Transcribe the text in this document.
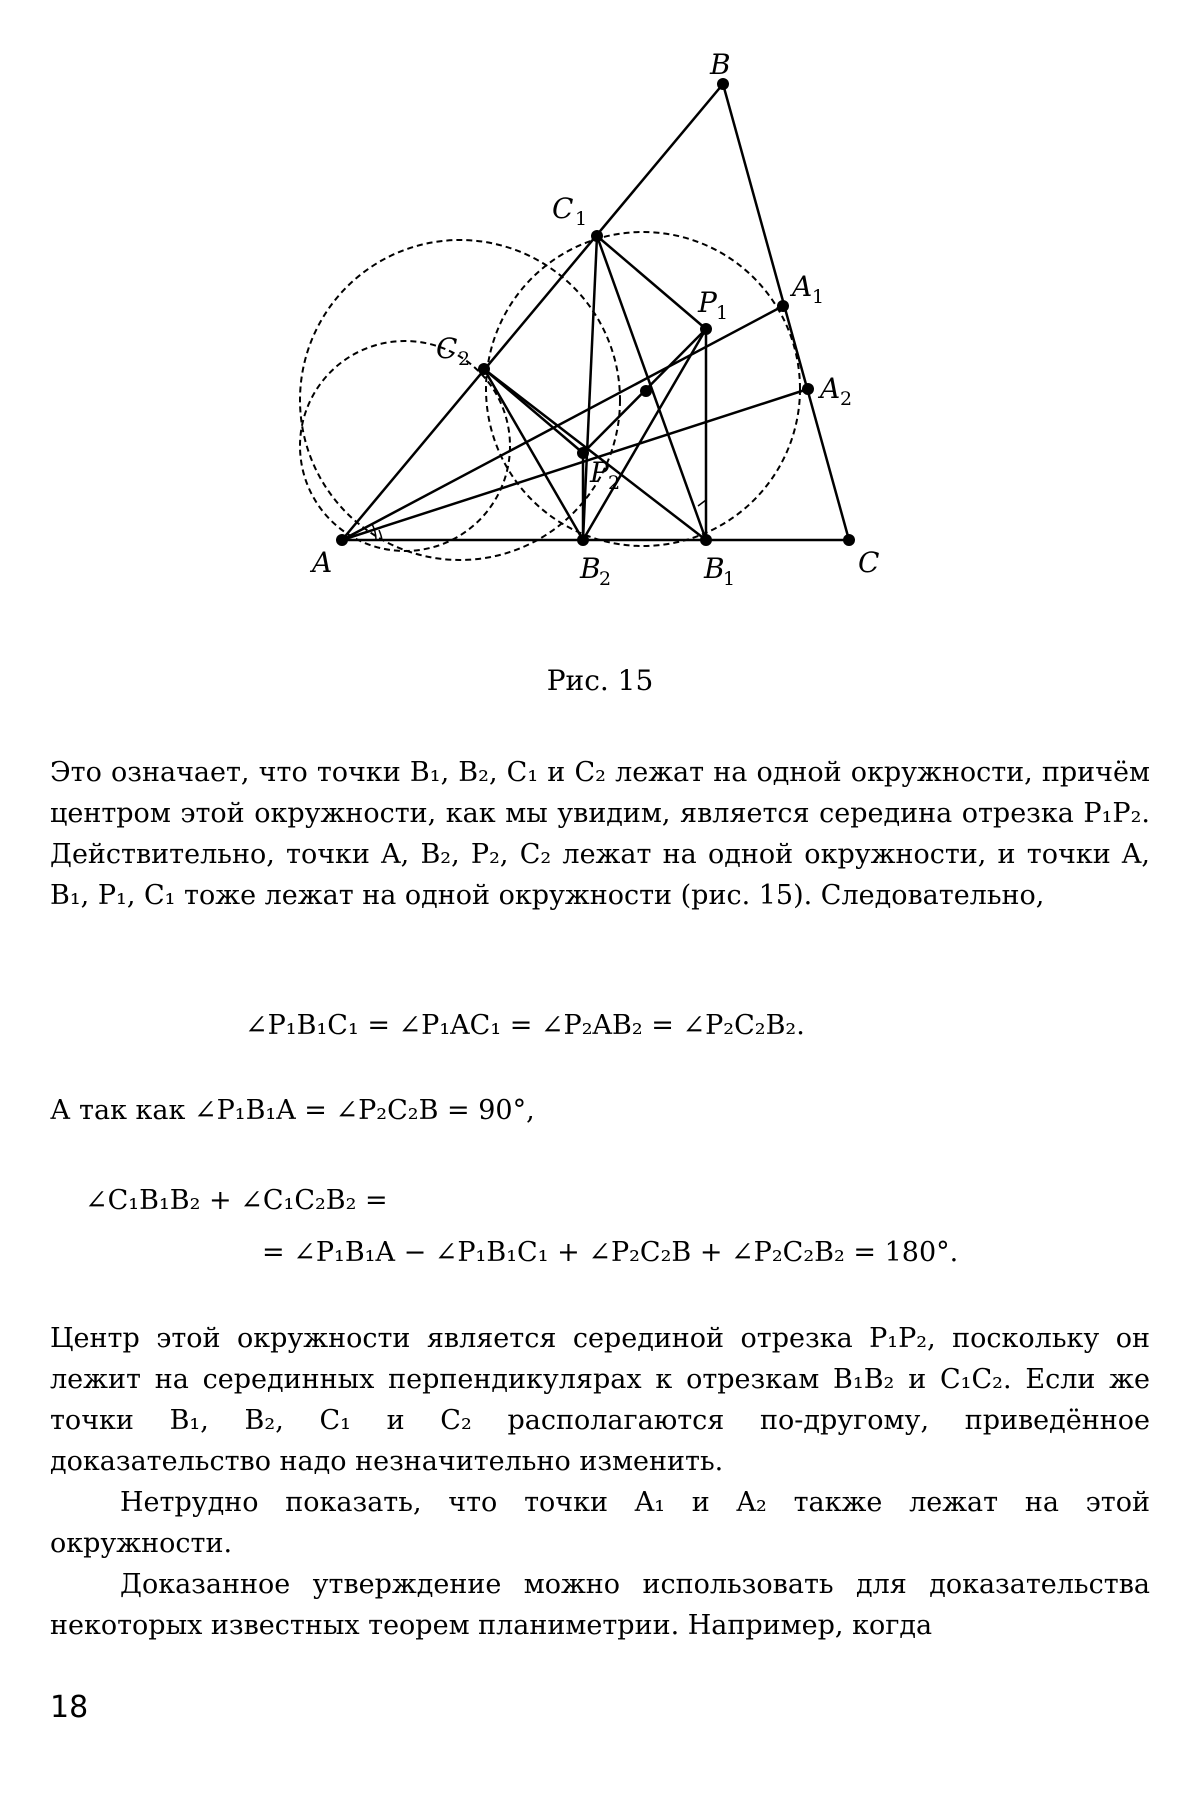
B
C 1
A 1
P 1
C 2
A 2
P 2
A	B
2	B
1	C
Рис. 15

Это означает, что точки B₁, B₂, C₁ и C₂ лежат на одной окружности, причём центром этой окружности, как мы увидим, является середина отрезка P₁P₂. Действительно, точки A, B₂, P₂, C₂ лежат на одной окружности, и точки A, B₁, P₁, C₁ тоже лежат на одной окружности (рис. 15). Следовательно,

∠P₁B₁C₁ = ∠P₁AC₁ = ∠P₂AB₂ = ∠P₂C₂B₂.

А так как ∠P₁B₁A = ∠P₂C₂B = 90°,

∠C₁B₁B₂ + ∠C₁C₂B₂ =

= ∠P₁B₁A − ∠P₁B₁C₁ + ∠P₂C₂B + ∠P₂C₂B₂ = 180°.

Центр этой окружности является серединой отрезка P₁P₂, поскольку он лежит на серединных перпендикулярах к отрезкам B₁B₂ и C₁C₂. Если же точки B₁, B₂, C₁ и C₂ располагаются по-другому, приведённое доказательство надо незначительно изменить.

Нетрудно показать, что точки A₁ и A₂ также лежат на этой окружности.

Доказанное утверждение можно использовать для доказательства некоторых известных теорем планиметрии. Например, когда

18
